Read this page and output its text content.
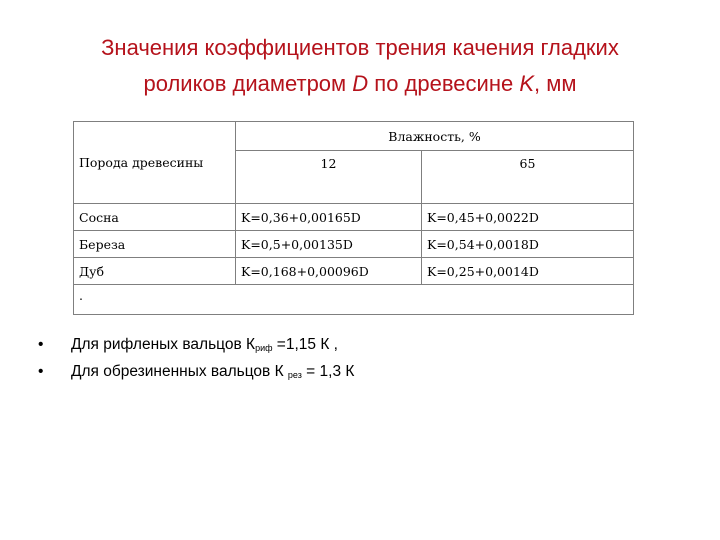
Значения коэффициентов трения качения гладких
роликов диаметром D по древесине K, мм
Порода древесины	Влажность, %	
	12	65

Сосна	K=0,36+0,00165D	K=0,45+0,0022D
Береза	K=0,5+0,00135D	K=0,54+0,0018D
Дуб	K=0,168+0,00096D	K=0,25+0,0014D
.		
• Для рифленых вальцов $К_{риф} =1,15$ К ,
• Для обрезиненных вальцов К $_{рез}$ = 1,3 К
